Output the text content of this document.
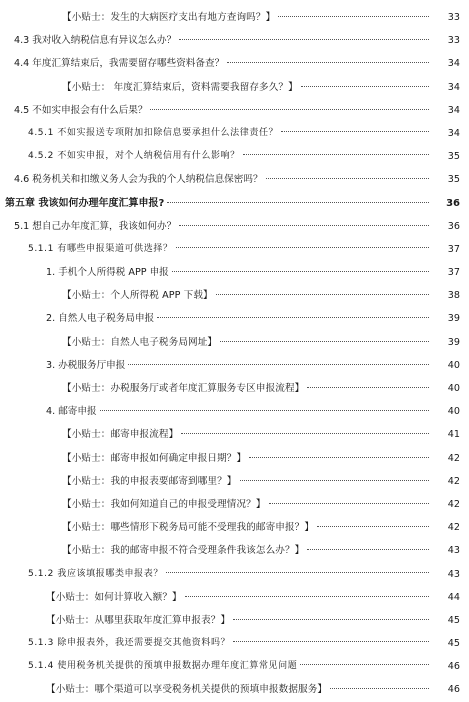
【小贴士：发生的大病医疗支出有地方查询吗？】	33
4.3 我对收入纳税信息有异议怎么办？	33
4.4 年度汇算结束后，我需要留存哪些资料备查？	34
【小贴士： 年度汇算结束后，资料需要我留存多久？】	34
4.5 不如实申报会有什么后果？	34
4.5.1 不如实报送专项附加扣除信息要承担什么法律责任？	34
4.5.2 不如实申报，对个人纳税信用有什么影响？	35
4.6 税务机关和扣缴义务人会为我的个人纳税信息保密吗？	35
第五章 我该如何办理年度汇算申报?	36
5.1 想自己办年度汇算，我该如何办？	36
5.1.1 有哪些申报渠道可供选择？	37
1. 手机个人所得税 APP 申报	37
【小贴士：个人所得税 APP 下载】	38
2. 自然人电子税务局申报	39
【小贴士：自然人电子税务局网址】	39
3. 办税服务厅申报	40
【小贴士：办税服务厅或者年度汇算服务专区申报流程】	40
4. 邮寄申报	40
【小贴士：邮寄申报流程】	41
【小贴士：邮寄申报如何确定申报日期？】	42
【小贴士：我的申报表要邮寄到哪里？】	42
【小贴士：我如何知道自己的申报受理情况？】	42
【小贴士：哪些情形下税务局可能不受理我的邮寄申报？】	42
【小贴士：我的邮寄申报不符合受理条件我该怎么办？】	43
5.1.2 我应该填报哪类申报表？	43
【小贴士：如何计算收入额？】	44
【小贴士：从哪里获取年度汇算申报表？】	45
5.1.3 除申报表外，我还需要提交其他资料吗？	45
5.1.4 使用税务机关提供的预填申报数据办理年度汇算常见问题	46
【小贴士：哪个渠道可以享受税务机关提供的预填申报数据服务】	46
